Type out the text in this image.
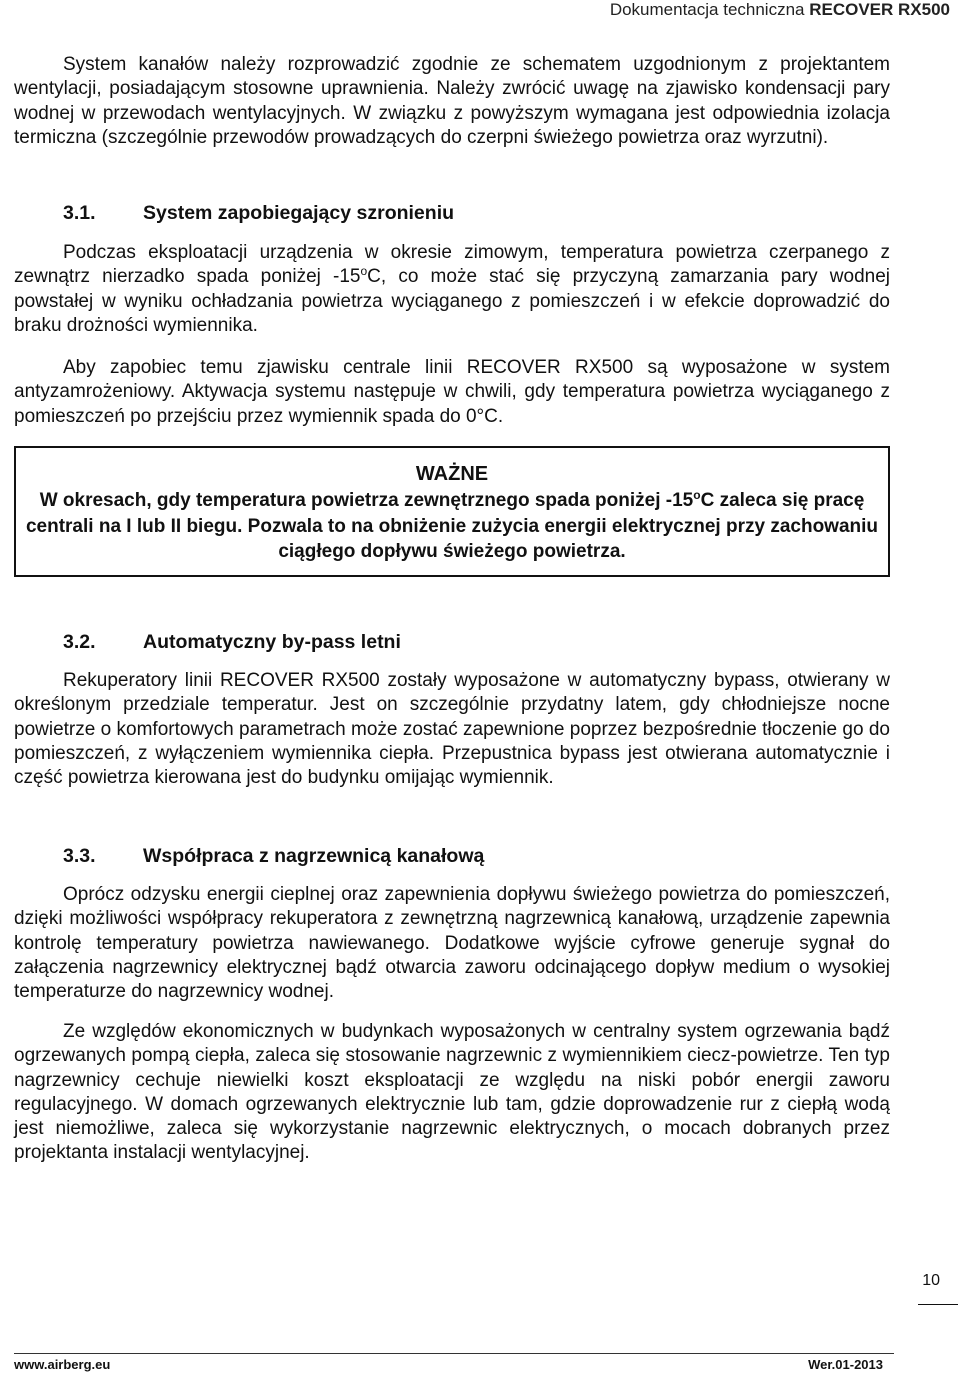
Dokumentacja techniczna RECOVER RX500

System kanałów należy rozprowadzić zgodnie ze schematem uzgodnionym z projektantem wentylacji, posiadającym stosowne uprawnienia. Należy zwrócić uwagę na zjawisko kondensacji pary wodnej w przewodach wentylacyjnych. W związku z powyższym wymagana jest odpowiednia izolacja termiczna (szczególnie przewodów prowadzących do czerpni świeżego powietrza oraz wyrzutni).

3.1. System zapobiegający szronieniu

Podczas eksploatacji urządzenia w okresie zimowym, temperatura powietrza czerpanego z zewnątrz nierzadko spada poniżej -15$^o$C, co może stać się przyczyną zamarzania pary wodnej powstałej w wyniku ochładzania powietrza wyciąganego z pomieszczeń i w efekcie doprowadzić do braku drożności wymiennika.

Aby zapobiec temu zjawisku centrale linii RECOVER RX500 są wyposażone w system antyzamrożeniowy. Aktywacja systemu następuje w chwili, gdy temperatura powietrza wyciąganego z pomieszczeń po przejściu przez wymiennik spada do 0°C.

WAŻNE

W okresach, gdy temperatura powietrza zewnętrznego spada poniżej -15$^o$C zaleca się pracę centrali na I lub II biegu. Pozwala to na obniżenie zużycia energii elektrycznej przy zachowaniu ciągłego dopływu świeżego powietrza.

3.2. Automatyczny by-pass letni

Rekuperatory linii RECOVER RX500 zostały wyposażone w automatyczny bypass, otwierany w określonym przedziale temperatur. Jest on szczególnie przydatny latem, gdy chłodniejsze nocne powietrze o komfortowych parametrach może zostać zapewnione poprzez bezpośrednie tłoczenie go do pomieszczeń, z wyłączeniem wymiennika ciepła. Przepustnica bypass jest otwierana automatycznie i część powietrza kierowana jest do budynku omijając wymiennik.

3.3. Współpraca z nagrzewnicą kanałową

Oprócz odzysku energii cieplnej oraz zapewnienia dopływu świeżego powietrza do pomieszczeń, dzięki możliwości współpracy rekuperatora z zewnętrzną nagrzewnicą kanałową, urządzenie zapewnia kontrolę temperatury powietrza nawiewanego. Dodatkowe wyjście cyfrowe generuje sygnał do załączenia nagrzewnicy elektrycznej bądź otwarcia zaworu odcinającego dopływ medium o wysokiej temperaturze do nagrzewnicy wodnej.

Ze względów ekonomicznych w budynkach wyposażonych w centralny system ogrzewania bądź ogrzewanych pompą ciepła, zaleca się stosowanie nagrzewnic z wymiennikiem ciecz-powietrze. Ten typ nagrzewnicy cechuje niewielki koszt eksploatacji ze względu na niski pobór energii zaworu regulacyjnego. W domach ogrzewanych elektrycznie lub tam, gdzie doprowadzenie rur z ciepłą wodą jest niemożliwe, zaleca się wykorzystanie nagrzewnic elektrycznych, o mocach dobranych przez projektanta instalacji wentylacyjnej.

10
www.airberg.eu	Wer.01-2013
